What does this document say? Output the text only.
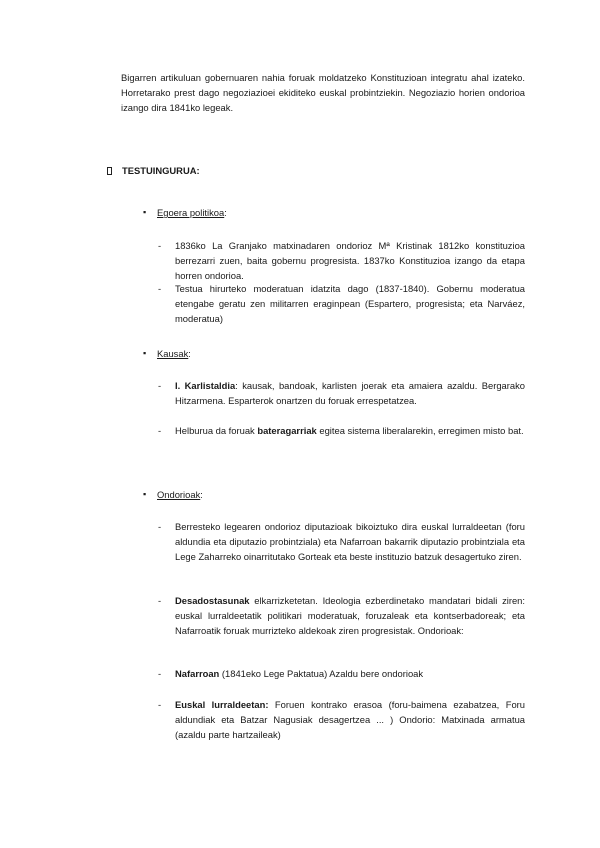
Bigarren artikuluan gobernuaren nahia foruak moldatzeko Konstituzioan integratu ahal izateko. Horretarako prest dago negoziazioei ekiditeko euskal probintziekin. Negoziazio horien ondorioa izango dira 1841ko legeak.

TESTUINGURUA:
▪	Egoera politikoa:
-	1836ko La Granjako matxinadaren ondorioz Mª Kristinak 1812ko konstituzioa berrezarri zuen, baita gobernu progresista. 1837ko Konstituzioa izango da etapa horren ondorioa.
-	Testua hirurteko moderatuan idatzita dago (1837-1840). Gobernu moderatua etengabe geratu zen militarren eraginpean (Espartero, progresista; eta Narváez, moderatua)
▪	Kausak:
-	I. Karlistaldia: kausak, bandoak, karlisten joerak eta amaiera azaldu. Bergarako Hitzarmena. Esparterok onartzen du foruak errespetatzea.
-	Helburua da foruak bateragarriak egitea sistema liberalarekin, erregimen misto bat.
▪	Ondorioak:
-	Berresteko legearen ondorioz diputazioak bikoiztuko dira euskal lurraldeetan (foru aldundia eta diputazio probintziala) eta Nafarroan bakarrik diputazio probintziala eta Lege Zaharreko oinarritutako Gorteak eta beste instituzio batzuk desagertuko ziren.
-	Desadostasunak elkarrizketetan. Ideologia ezberdinetako mandatari bidali ziren: euskal lurraldeetatik politikari moderatuak, foruzaleak eta kontserbadoreak; eta Nafarroatik foruak murrizteko aldekoak ziren progresistak. Ondorioak:
-	Nafarroan (1841eko Lege Paktatua) Azaldu bere ondorioak
-	Euskal lurraldeetan: Foruen kontrako erasoa (foru-baimena ezabatzea, Foru aldundiak eta Batzar Nagusiak desagertzea ... ) Ondorio: Matxinada armatua (azaldu parte hartzaileak)
